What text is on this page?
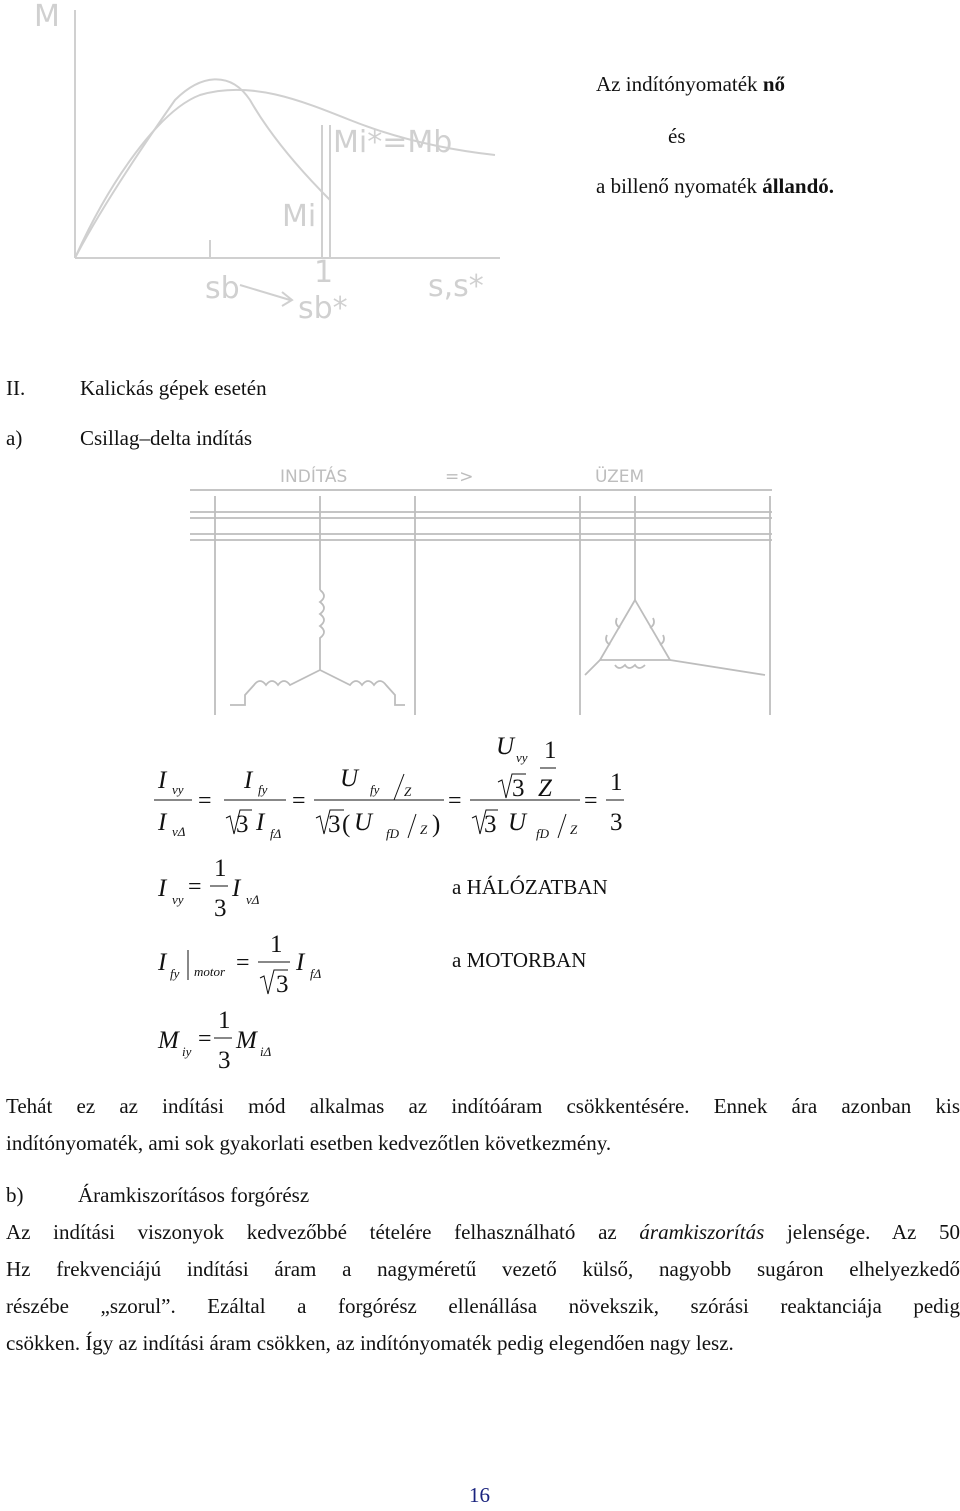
M
Mi*=Mb
Mi
sb 1
sb*
s,s*
Az indítónyomaték nő
és
a billenő nyomaték állandó.
II.	Kalickás gépek esetén
a)	Csillag–delta indítás
INDÍTÁS	=>	ÜZEM
I vy
I vΔ
=
I fy
3 I fΔ
=
U fy Z
3 ( U fD Z )
=
U vy 1
3 Z
3 U fD Z
=
1
3
I vy =
1
3
I vΔ
I fy motor =
1
3
I fΔ
M iy =
1
3
M iΔ
a HÁLÓZATBAN
a MOTORBAN
Tehát ez az indítási mód alkalmas az indítóáram csökkentésére. Ennek ára azonban kis
indítónyomaték, ami sok gyakorlati esetben kedvezőtlen következmény.
b)	Áramkiszorításos forgórész
Az indítási viszonyok kedvezőbbé tételére felhasználható az áramkiszorítás jelensége. Az 50
Hz frekvenciájú indítási áram a nagyméretű vezető külső, nagyobb sugáron elhelyezkedő
részébe „szorul”. Ezáltal a forgórész ellenállása növekszik, szórási reaktanciája pedig
csökken. Így az indítási áram csökken, az indítónyomaték pedig elegendően nagy lesz.
16
